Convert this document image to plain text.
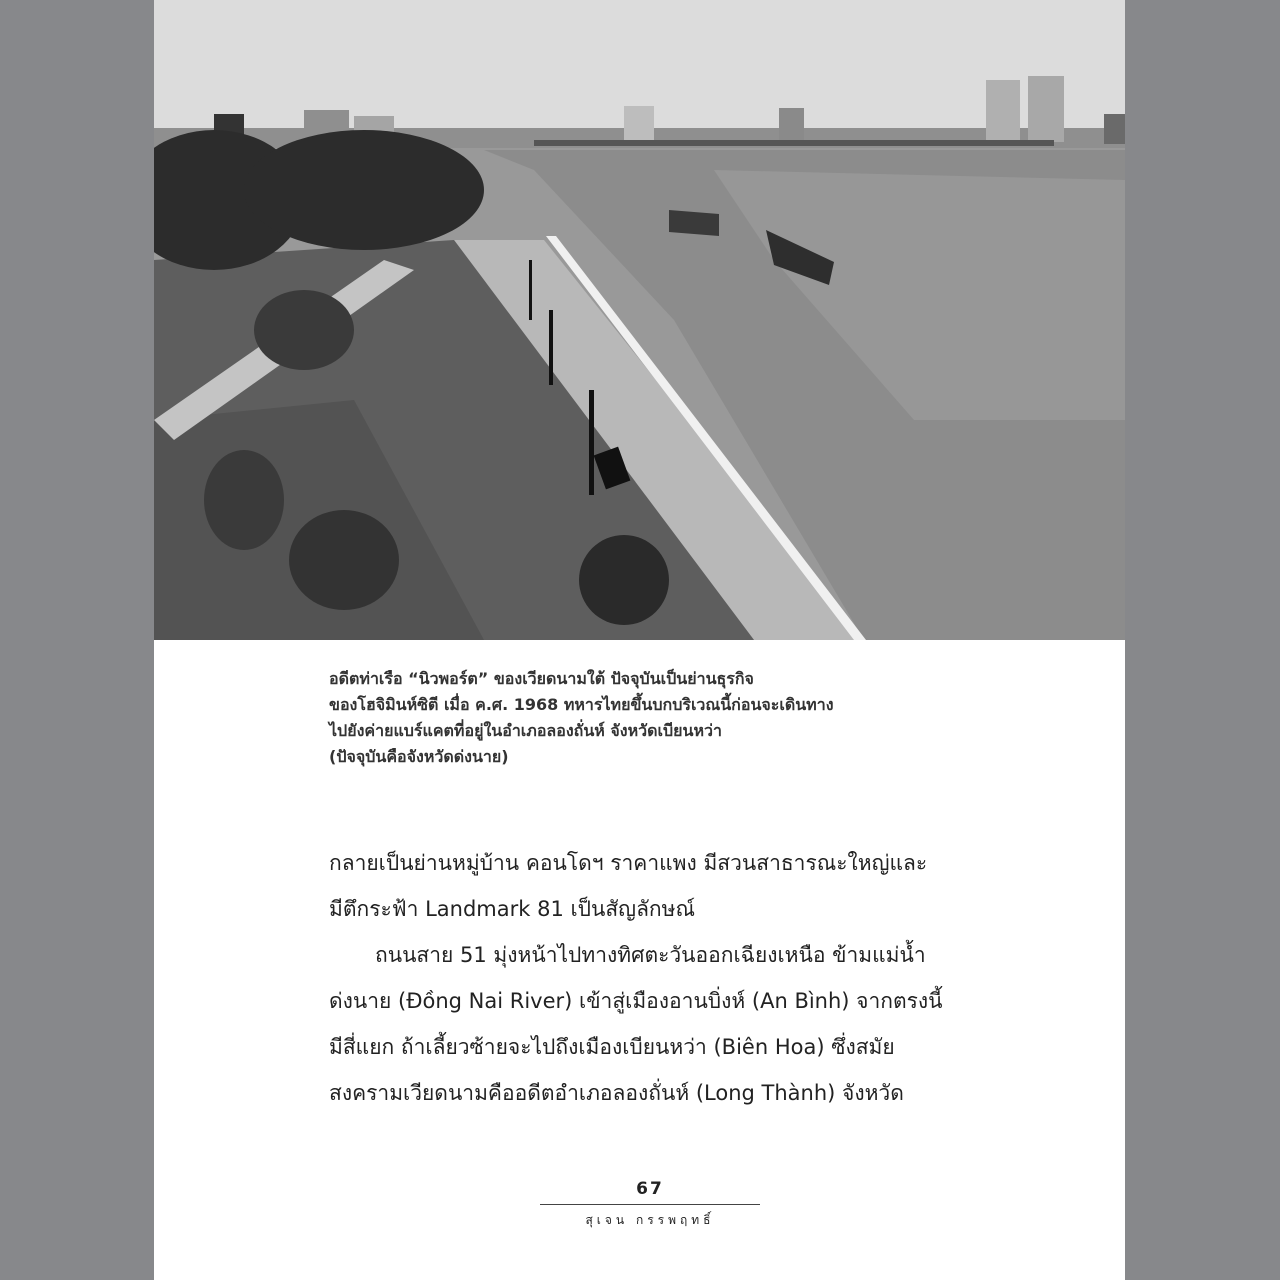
อดีตท่าเรือ “นิวพอร์ต” ของเวียดนามใต้ ปัจจุบันเป็นย่านธุรกิจ
ของโฮจิมินห์ซิตี เมื่อ ค.ศ. 1968 ทหารไทยขึ้นบกบริเวณนี้ก่อนจะเดินทาง
ไปยังค่ายแบร์แคตที่อยู่ในอำเภอลองถั่นห์ จังหวัดเบียนหว่า
(ปัจจุบันคือจังหวัดด่งนาย)
กลายเป็นย่านหมู่บ้าน คอนโดฯ ราคาแพง มีสวนสาธารณะใหญ่และ
มีตึกระฟ้า Landmark 81 เป็นสัญลักษณ์
ถนนสาย 51 มุ่งหน้าไปทางทิศตะวันออกเฉียงเหนือ ข้ามแม่น้ำ
ด่งนาย (Đồng Nai River) เข้าสู่เมืองอานบิ่งห์ (An Bình) จากตรงนี้
มีสี่แยก ถ้าเลี้ยวซ้ายจะไปถึงเมืองเบียนหว่า (Biên Hoa) ซึ่งสมัย
สงครามเวียดนามคืออดีตอำเภอลองถั่นห์ (Long Thành) จังหวัด
67
สุเจน กรรพฤทธิ์
